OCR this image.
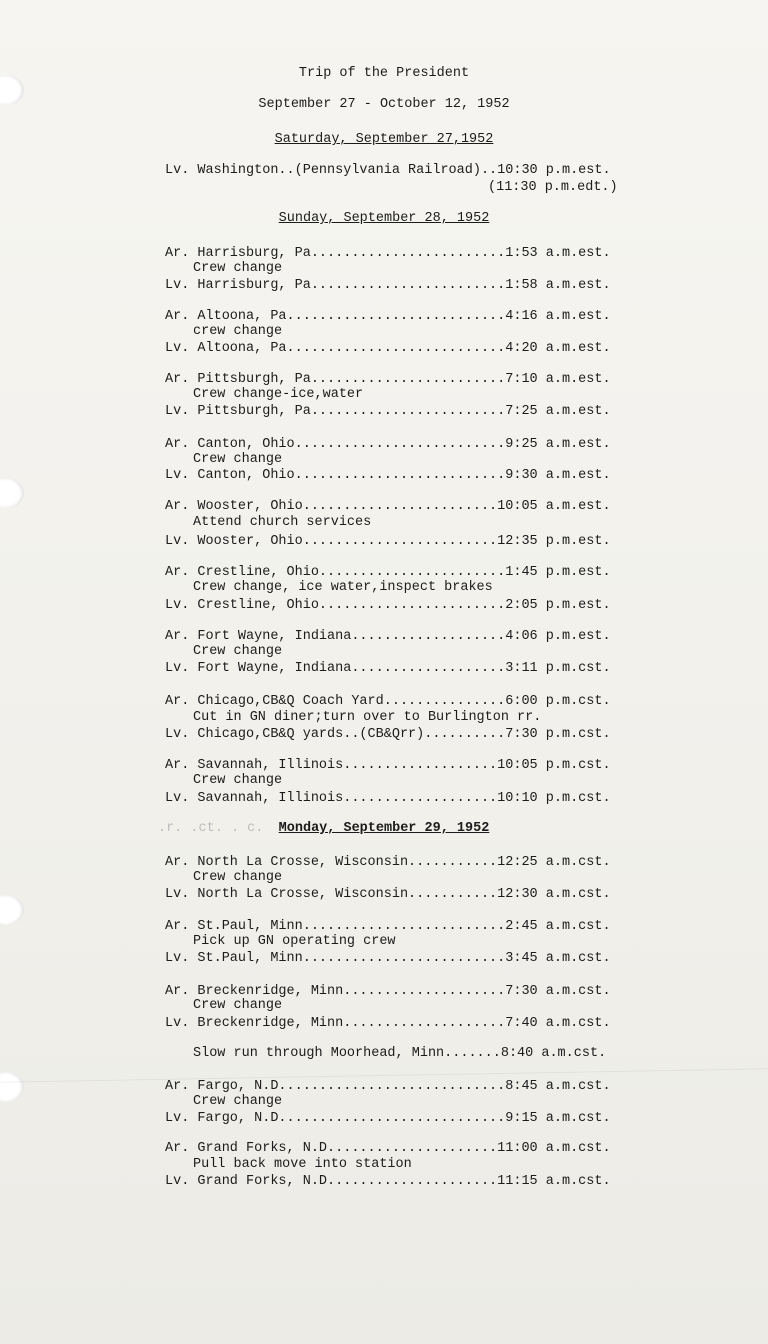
Trip of the President
September 27 - October 12, 1952
Saturday, September 27,1952
Lv. Washington..(Pennsylvania Railroad)..10:30 p.m.est.
(11:30 p.m.edt.)
Sunday, September 28, 1952
Ar. Harrisburg, Pa........................1:53 a.m.est.
Crew change
Lv. Harrisburg, Pa........................1:58 a.m.est.
Ar. Altoona, Pa...........................4:16 a.m.est.
crew change
Lv. Altoona, Pa...........................4:20 a.m.est.
Ar. Pittsburgh, Pa........................7:10 a.m.est.
Crew change-ice,water
Lv. Pittsburgh, Pa........................7:25 a.m.est.
Ar. Canton, Ohio..........................9:25 a.m.est.
Crew change
Lv. Canton, Ohio..........................9:30 a.m.est.
Ar. Wooster, Ohio........................10:05 a.m.est.
Attend church services
Lv. Wooster, Ohio........................12:35 p.m.est.
Ar. Crestline, Ohio.......................1:45 p.m.est.
Crew change, ice water,inspect brakes
Lv. Crestline, Ohio.......................2:05 p.m.est.
Ar. Fort Wayne, Indiana...................4:06 p.m.est.
Crew change
Lv. Fort Wayne, Indiana...................3:11 p.m.cst.
Ar. Chicago,CB&Q Coach Yard...............6:00 p.m.cst.
Cut in GN diner;turn over to Burlington rr.
Lv. Chicago,CB&Q yards..(CB&Qrr)..........7:30 p.m.cst.
Ar. Savannah, Illinois...................10:05 p.m.cst.
Crew change
Lv. Savannah, Illinois...................10:10 p.m.cst.
.r. .ct. . c. Monday, September 29, 1952
Ar. North La Crosse, Wisconsin...........12:25 a.m.cst.
Crew change
Lv. North La Crosse, Wisconsin...........12:30 a.m.cst.
Ar. St.Paul, Minn.........................2:45 a.m.cst.
Pick up GN operating crew
Lv. St.Paul, Minn.........................3:45 a.m.cst.
Ar. Breckenridge, Minn....................7:30 a.m.cst.
Crew change
Lv. Breckenridge, Minn....................7:40 a.m.cst.
Slow run through Moorhead, Minn.......8:40 a.m.cst.
Ar. Fargo, N.D............................8:45 a.m.cst.
Crew change
Lv. Fargo, N.D............................9:15 a.m.cst.
Ar. Grand Forks, N.D.....................11:00 a.m.cst.
Pull back move into station
Lv. Grand Forks, N.D.....................11:15 a.m.cst.
